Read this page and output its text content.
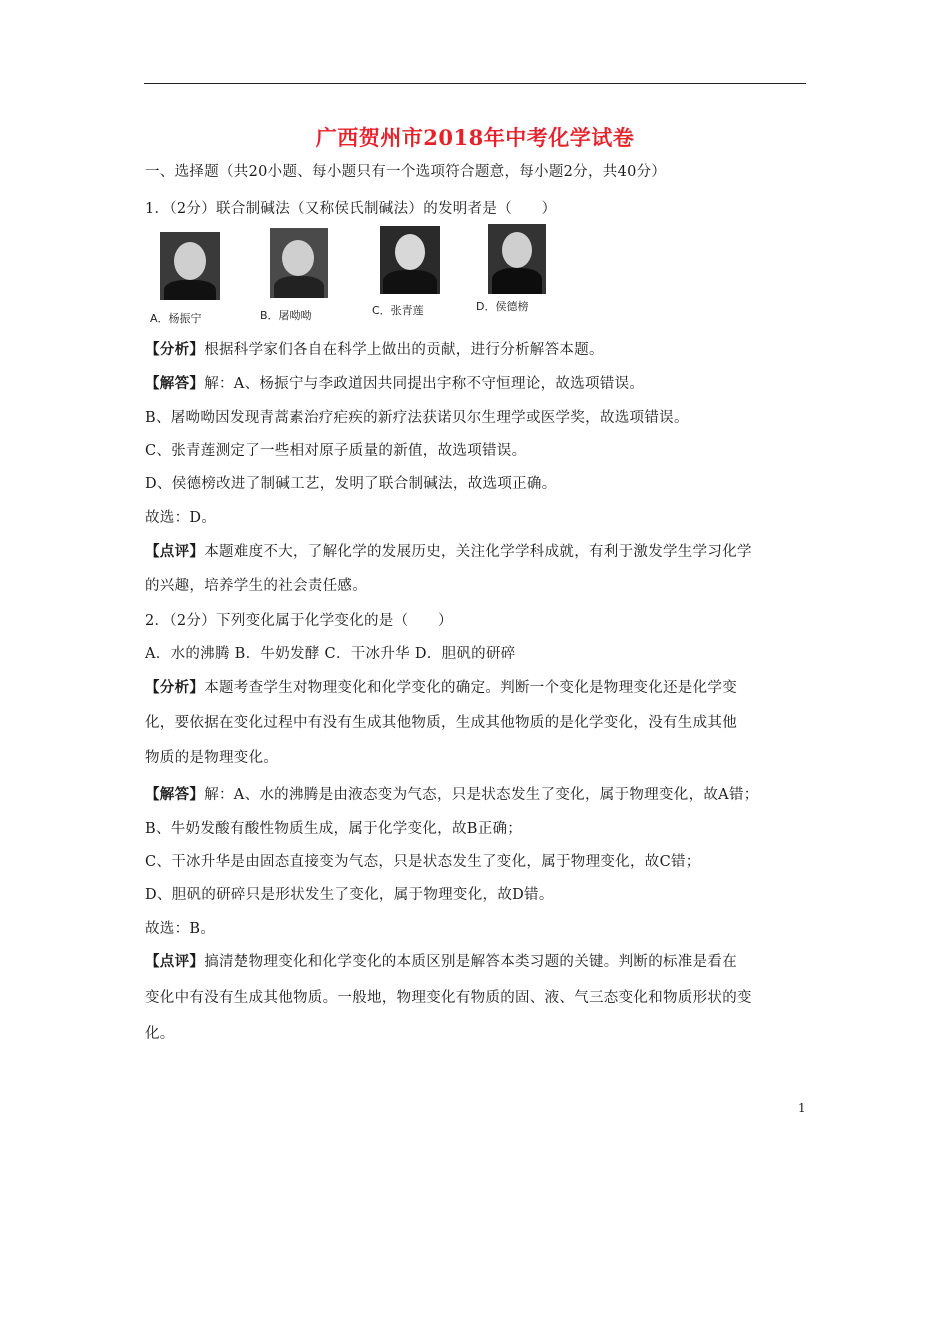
广西贺州市2018年中考化学试卷
一、选择题（共20小题、每小题只有一个选项符合题意，每小题2分，共40分）
1．（2分）联合制碱法（又称侯氏制碱法）的发明者是（　　）
A．杨振宁	B．屠呦呦	C．张青莲	D．侯德榜
【分析】根据科学家们各自在科学上做出的贡献，进行分析解答本题。
【解答】解：A、杨振宁与李政道因共同提出宇称不守恒理论，故选项错误。
B、屠呦呦因发现青蒿素治疗疟疾的新疗法获诺贝尔生理学或医学奖，故选项错误。
C、张青莲测定了一些相对原子质量的新值，故选项错误。
D、侯德榜改进了制碱工艺，发明了联合制碱法，故选项正确。
故选：D。
【点评】本题难度不大，了解化学的发展历史，关注化学学科成就，有利于激发学生学习化学
的兴趣，培养学生的社会责任感。
2．（2分）下列变化属于化学变化的是（　　）
A．水的沸腾 B．牛奶发酵 C．干冰升华 D．胆矾的研碎
【分析】本题考查学生对物理变化和化学变化的确定。判断一个变化是物理变化还是化学变
化，要依据在变化过程中有没有生成其他物质，生成其他物质的是化学变化，没有生成其他
物质的是物理变化。
【解答】解：A、水的沸腾是由液态变为气态，只是状态发生了变化，属于物理变化，故A错；
B、牛奶发酸有酸性物质生成，属于化学变化，故B正确；
C、干冰升华是由固态直接变为气态，只是状态发生了变化，属于物理变化，故C错；
D、胆矾的研碎只是形状发生了变化，属于物理变化，故D错。
故选：B。
【点评】搞清楚物理变化和化学变化的本质区别是解答本类习题的关键。判断的标准是看在
变化中有没有生成其他物质。一般地，物理变化有物质的固、液、气三态变化和物质形状的变
化。
1
